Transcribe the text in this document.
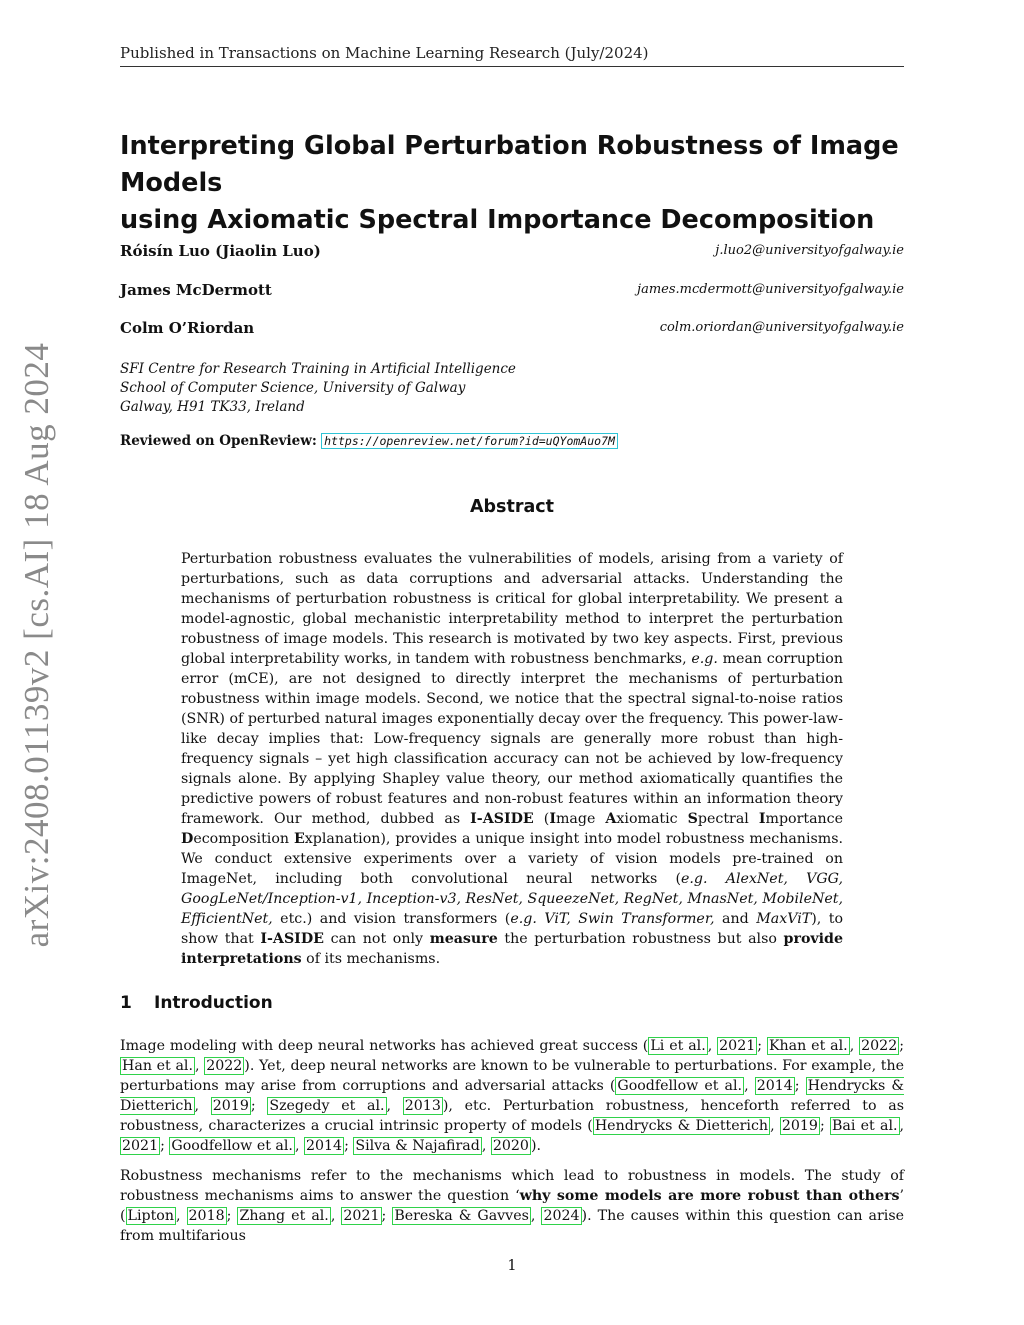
Published in Transactions on Machine Learning Research (July/2024)
arXiv:2408.01139v2 [cs.AI] 18 Aug 2024
Interpreting Global Perturbation Robustness of Image Models
using Axiomatic Spectral Importance Decomposition
Róisín Luo (Jiaolin Luo)	j.luo2@universityofgalway.ie
James McDermott	james.mcdermott@universityofgalway.ie
Colm O’Riordan	colm.oriordan@universityofgalway.ie
SFI Centre for Research Training in Artificial Intelligence
School of Computer Science, University of Galway
Galway, H91 TK33, Ireland
Reviewed on OpenReview: https://openreview.net/forum?id=uQYomAuo7M
Abstract
Perturbation robustness evaluates the vulnerabilities of models, arising from a variety of perturbations, such as data corruptions and adversarial attacks. Understanding the mechanisms of perturbation robustness is critical for global interpretability. We present a model-agnostic, global mechanistic interpretability method to interpret the perturbation robustness of image models. This research is motivated by two key aspects. First, previous global interpretability works, in tandem with robustness benchmarks, e.g. mean corruption error (mCE), are not designed to directly interpret the mechanisms of perturbation robustness within image models. Second, we notice that the spectral signal-to-noise ratios (SNR) of perturbed natural images exponentially decay over the frequency. This power-law-like decay implies that: Low-frequency signals are generally more robust than high-frequency signals – yet high classification accuracy can not be achieved by low-frequency signals alone. By applying Shapley value theory, our method axiomatically quantifies the predictive powers of robust features and non-robust features within an information theory framework. Our method, dubbed as I-ASIDE (Image Axiomatic Spectral Importance Decomposition Explanation), provides a unique insight into model robustness mechanisms. We conduct extensive experiments over a variety of vision models pre-trained on ImageNet, including both convolutional neural networks (e.g. AlexNet, VGG, GoogLeNet/Inception-v1, Inception-v3, ResNet, SqueezeNet, RegNet, MnasNet, MobileNet, EfficientNet, etc.) and vision transformers (e.g. ViT, Swin Transformer, and MaxViT), to show that I-ASIDE can not only measure the perturbation robustness but also provide interpretations of its mechanisms.
1 Introduction
Image modeling with deep neural networks has achieved great success ( Li et al. , 2021 ; Khan et al. , 2022 ; Han et al. , 2022 ). Yet, deep neural networks are known to be vulnerable to perturbations. For example, the perturbations may arise from corruptions and adversarial attacks ( Goodfellow et al. , 2014 ; Hendrycks & Dietterich , 2019 ; Szegedy et al. , 2013 ), etc. Perturbation robustness, henceforth referred to as robustness, characterizes a crucial intrinsic property of models ( Hendrycks & Dietterich , 2019 ; Bai et al. , 2021 ; Goodfellow et al. , 2014 ; Silva & Najafirad , 2020 ).
Robustness mechanisms refer to the mechanisms which lead to robustness in models. The study of robustness mechanisms aims to answer the question ‘why some models are more robust than others’ ( Lipton , 2018 ; Zhang et al. , 2021 ; Bereska & Gavves , 2024 ). The causes within this question can arise from multifarious
1
